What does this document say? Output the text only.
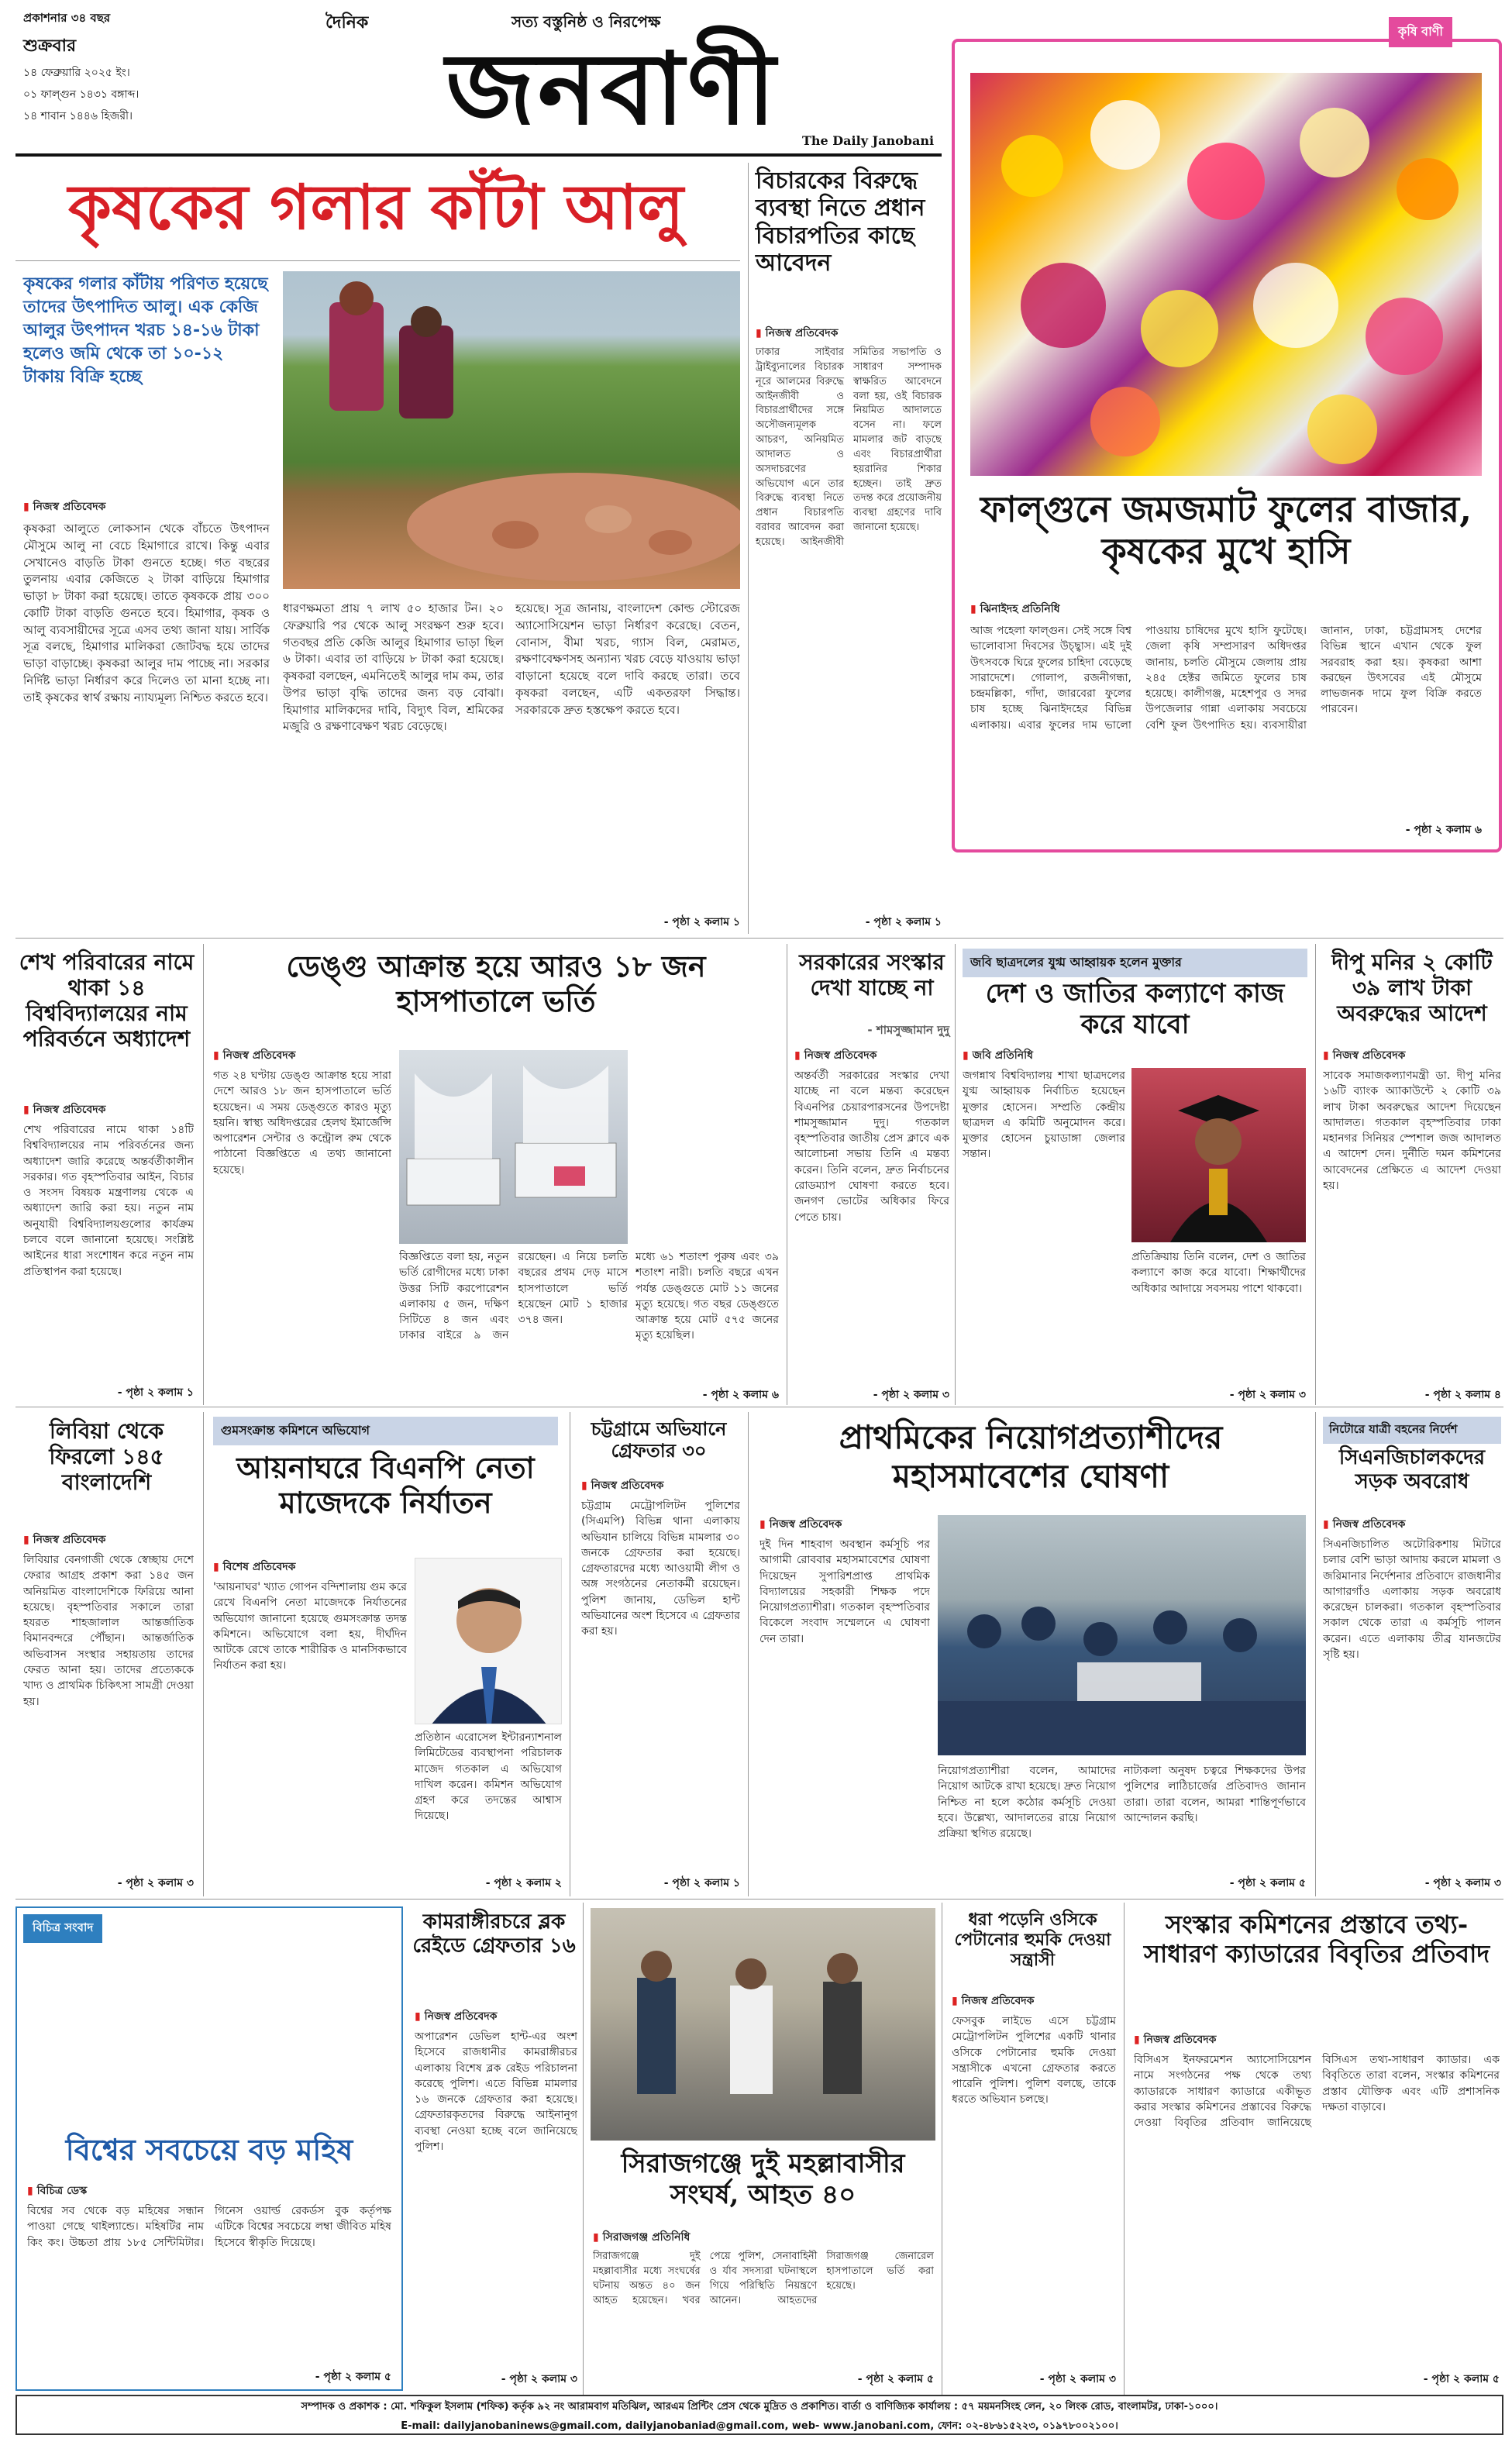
প্রকাশনার ৩৪ বছর
শুক্রবার
১৪ ফেব্রুয়ারি ২০২৫ ইং।
০১ ফাল্গুন ১৪৩১ বঙ্গাব্দ।
১৪ শাবান ১৪৪৬ হিজরী।
দৈনিক	সত্য বস্তুনিষ্ঠ ও নিরপেক্ষ
জনবাণী	The Daily Janobani
কৃষি বাণী
ফাল্গুনে জমজমাট ফুলের বাজার, কৃষকের মুখে হাসি
▮ ঝিনাইদহ প্রতিনিধি
আজ পহেলা ফাল্গুন। সেই সঙ্গে বিশ্ব ভালোবাসা দিবসের উচ্ছ্বাস। এই দুই উৎসবকে ঘিরে ফুলের চাহিদা বেড়েছে সারাদেশে। গোলাপ, রজনীগন্ধা, চন্দ্রমল্লিকা, গাঁদা, জারবেরা ফুলের চাষ হচ্ছে ঝিনাইদহের বিভিন্ন এলাকায়। এবার ফুলের দাম ভালো পাওয়ায় চাষিদের মুখে হাসি ফুটেছে। জেলা কৃষি সম্প্রসারণ অধিদপ্তর জানায়, চলতি মৌসুমে জেলায় প্রায় ২৪৫ হেক্টর জমিতে ফুলের চাষ হয়েছে। কালীগঞ্জ, মহেশপুর ও সদর উপজেলার গান্না এলাকায় সবচেয়ে বেশি ফুল উৎপাদিত হয়। ব্যবসায়ীরা জানান, ঢাকা, চট্টগ্রামসহ দেশের বিভিন্ন স্থানে এখান থেকে ফুল সরবরাহ করা হয়। কৃষকরা আশা করছেন উৎসবের এই মৌসুমে লাভজনক দামে ফুল বিক্রি করতে পারবেন।
- পৃষ্ঠা ২ কলাম ৬
কৃষকের গলার কাঁটা আলু
কৃষকের গলার কাঁটায় পরিণত হয়েছে তাদের উৎপাদিত আলু। এক কেজি আলুর উৎপাদন খরচ ১৪-১৬ টাকা হলেও জমি থেকে তা ১০-১২ টাকায় বিক্রি হচ্ছে
▮ নিজস্ব প্রতিবেদক
কৃষকরা আলুতে লোকসান থেকে বাঁচতে উৎপাদন মৌসুমে আলু না বেচে হিমাগারে রাখে। কিন্তু এবার সেখানেও বাড়তি টাকা গুনতে হচ্ছে। গত বছরের তুলনায় এবার কেজিতে ২ টাকা বাড়িয়ে হিমাগার ভাড়া ৮ টাকা করা হয়েছে। তাতে কৃষককে প্রায় ৩০০ কোটি টাকা বাড়তি গুনতে হবে। হিমাগার, কৃষক ও আলু ব্যবসায়ীদের সূত্রে এসব তথ্য জানা যায়। সার্বিক সূত্র বলছে, হিমাগার মালিকরা জোটবদ্ধ হয়ে তাদের ভাড়া বাড়াচ্ছে। কৃষকরা আলুর দাম পাচ্ছে না। সরকার নির্দিষ্ট ভাড়া নির্ধারণ করে দিলেও তা মানা হচ্ছে না। তাই কৃষকের স্বার্থ রক্ষায় ন্যায্যমূল্য নিশ্চিত করতে হবে।
ধারণক্ষমতা প্রায় ৭ লাখ ৫০ হাজার টন। ২০ ফেব্রুয়ারি পর থেকে আলু সংরক্ষণ শুরু হবে। গতবছর প্রতি কেজি আলুর হিমাগার ভাড়া ছিল ৬ টাকা। এবার তা বাড়িয়ে ৮ টাকা করা হয়েছে। কৃষকরা বলছেন, এমনিতেই আলুর দাম কম, তার উপর ভাড়া বৃদ্ধি তাদের জন্য বড় বোঝা। হিমাগার মালিকদের দাবি, বিদ্যুৎ বিল, শ্রমিকের মজুরি ও রক্ষণাবেক্ষণ খরচ বেড়েছে।
হয়েছে। সূত্র জানায়, বাংলাদেশ কোল্ড স্টোরেজ অ্যাসোসিয়েশন ভাড়া নির্ধারণ করেছে। বেতন, বোনাস, বীমা খরচ, গ্যাস বিল, মেরামত, রক্ষণাবেক্ষণসহ অন্যান্য খরচ বেড়ে যাওয়ায় ভাড়া বাড়ানো হয়েছে বলে দাবি করছে তারা। তবে কৃষকরা বলছেন, এটি একতরফা সিদ্ধান্ত। সরকারকে দ্রুত হস্তক্ষেপ করতে হবে।
- পৃষ্ঠা ২ কলাম ১
বিচারকের বিরুদ্ধে ব্যবস্থা নিতে প্রধান বিচারপতির কাছে আবেদন
▮ নিজস্ব প্রতিবেদক
ঢাকার সাইবার ট্রাইব্যুনালের বিচারক নূরে আলমের বিরুদ্ধে আইনজীবী ও বিচারপ্রার্থীদের সঙ্গে অসৌজন্যমূলক আচরণ, অনিয়মিত আদালত ও অসদাচরণের অভিযোগ এনে তার বিরুদ্ধে ব্যবস্থা নিতে প্রধান বিচারপতি বরাবর আবেদন করা হয়েছে। আইনজীবী সমিতির সভাপতি ও সাধারণ সম্পাদক স্বাক্ষরিত আবেদনে বলা হয়, ওই বিচারক নিয়মিত আদালতে বসেন না। ফলে মামলার জট বাড়ছে এবং বিচারপ্রার্থীরা হয়রানির শিকার হচ্ছেন। তাই দ্রুত তদন্ত করে প্রয়োজনীয় ব্যবস্থা গ্রহণের দাবি জানানো হয়েছে।
- পৃষ্ঠা ২ কলাম ১
শেখ পরিবারের নামে থাকা ১৪ বিশ্ববিদ্যালয়ের নাম পরিবর্তনে অধ্যাদেশ
▮ নিজস্ব প্রতিবেদক
শেখ পরিবারের নামে থাকা ১৪টি বিশ্ববিদ্যালয়ের নাম পরিবর্তনের জন্য অধ্যাদেশ জারি করেছে অন্তর্বর্তীকালীন সরকার। গত বৃহস্পতিবার আইন, বিচার ও সংসদ বিষয়ক মন্ত্রণালয় থেকে এ অধ্যাদেশ জারি করা হয়। নতুন নাম অনুযায়ী বিশ্ববিদ্যালয়গুলোর কার্যক্রম চলবে বলে জানানো হয়েছে। সংশ্লিষ্ট আইনের ধারা সংশোধন করে নতুন নাম প্রতিস্থাপন করা হয়েছে।
- পৃষ্ঠা ২ কলাম ১
ডেঙ্গু আক্রান্ত হয়ে আরও ১৮ জন হাসপাতালে ভর্তি
▮ নিজস্ব প্রতিবেদক
গত ২৪ ঘণ্টায় ডেঙ্গু আক্রান্ত হয়ে সারা দেশে আরও ১৮ জন হাসপাতালে ভর্তি হয়েছেন। এ সময় ডেঙ্গুতে কারও মৃত্যু হয়নি। স্বাস্থ্য অধিদপ্তরের হেলথ ইমার্জেন্সি অপারেশন সেন্টার ও কন্ট্রোল রুম থেকে পাঠানো বিজ্ঞপ্তিতে এ তথ্য জানানো হয়েছে।
বিজ্ঞপ্তিতে বলা হয়, নতুন ভর্তি রোগীদের মধ্যে ঢাকা উত্তর সিটি করপোরেশন এলাকায় ৫ জন, দক্ষিণ সিটিতে ৪ জন এবং ঢাকার বাইরে ৯ জন রয়েছেন। এ নিয়ে চলতি বছরের প্রথম দেড় মাসে হাসপাতালে ভর্তি হয়েছেন মোট ১ হাজার ৩৭৪ জন।
মধ্যে ৬১ শতাংশ পুরুষ এবং ৩৯ শতাংশ নারী। চলতি বছরে এখন পর্যন্ত ডেঙ্গুতে মোট ১১ জনের মৃত্যু হয়েছে। গত বছর ডেঙ্গুতে আক্রান্ত হয়ে মোট ৫৭৫ জনের মৃত্যু হয়েছিল।
- পৃষ্ঠা ২ কলাম ৬
সরকারের সংস্কার দেখা যাচ্ছে না
- শামসুজ্জামান দুদু
▮ নিজস্ব প্রতিবেদক
অন্তর্বর্তী সরকারের সংস্কার দেখা যাচ্ছে না বলে মন্তব্য করেছেন বিএনপির চেয়ারপারসনের উপদেষ্টা শামসুজ্জামান দুদু। গতকাল বৃহস্পতিবার জাতীয় প্রেস ক্লাবে এক আলোচনা সভায় তিনি এ মন্তব্য করেন। তিনি বলেন, দ্রুত নির্বাচনের রোডম্যাপ ঘোষণা করতে হবে। জনগণ ভোটের অধিকার ফিরে পেতে চায়।
- পৃষ্ঠা ২ কলাম ৩
জবি ছাত্রদলের যুগ্ম আহ্বায়ক হলেন মুক্তার
দেশ ও জাতির কল্যাণে কাজ করে যাবো
▮ জবি প্রতিনিধি
জগন্নাথ বিশ্ববিদ্যালয় শাখা ছাত্রদলের যুগ্ম আহ্বায়ক নির্বাচিত হয়েছেন মুক্তার হোসেন। সম্প্রতি কেন্দ্রীয় ছাত্রদল এ কমিটি অনুমোদন করে। মুক্তার হোসেন চুয়াডাঙ্গা জেলার সন্তান।
প্রতিক্রিয়ায় তিনি বলেন, দেশ ও জাতির কল্যাণে কাজ করে যাবো। শিক্ষার্থীদের অধিকার আদায়ে সবসময় পাশে থাকবো।
- পৃষ্ঠা ২ কলাম ৩
দীপু মনির ২ কোটি ৩৯ লাখ টাকা অবরুদ্ধের আদেশ
▮ নিজস্ব প্রতিবেদক
সাবেক সমাজকল্যাণমন্ত্রী ডা. দীপু মনির ১৬টি ব্যাংক অ্যাকাউন্টে ২ কোটি ৩৯ লাখ টাকা অবরুদ্ধের আদেশ দিয়েছেন আদালত। গতকাল বৃহস্পতিবার ঢাকা মহানগর সিনিয়র স্পেশাল জজ আদালত এ আদেশ দেন। দুর্নীতি দমন কমিশনের আবেদনের প্রেক্ষিতে এ আদেশ দেওয়া হয়।
- পৃষ্ঠা ২ কলাম ৪
লিবিয়া থেকে ফিরলো ১৪৫ বাংলাদেশি
▮ নিজস্ব প্রতিবেদক
লিবিয়ার বেনগাজী থেকে স্বেচ্ছায় দেশে ফেরার আগ্রহ প্রকাশ করা ১৪৫ জন অনিয়মিত বাংলাদেশিকে ফিরিয়ে আনা হয়েছে। বৃহস্পতিবার সকালে তারা হযরত শাহজালাল আন্তর্জাতিক বিমানবন্দরে পৌঁছান। আন্তর্জাতিক অভিবাসন সংস্থার সহায়তায় তাদের ফেরত আনা হয়। তাদের প্রত্যেককে খাদ্য ও প্রাথমিক চিকিৎসা সামগ্রী দেওয়া হয়।
- পৃষ্ঠা ২ কলাম ৩
গুমসংক্রান্ত কমিশনে অভিযোগ
আয়নাঘরে বিএনপি নেতা মাজেদকে নির্যাতন
▮ বিশেষ প্রতিবেদক
'আয়নাঘর' খ্যাত গোপন বন্দিশালায় গুম করে রেখে বিএনপি নেতা মাজেদকে নির্যাতনের অভিযোগ জানানো হয়েছে গুমসংক্রান্ত তদন্ত কমিশনে। অভিযোগে বলা হয়, দীর্ঘদিন আটকে রেখে তাকে শারীরিক ও মানসিকভাবে নির্যাতন করা হয়।
প্রতিষ্ঠান এরোসেল ইন্টারন্যাশনাল লিমিটেডের ব্যবস্থাপনা পরিচালক মাজেদ গতকাল এ অভিযোগ দাখিল করেন। কমিশন অভিযোগ গ্রহণ করে তদন্তের আশ্বাস দিয়েছে।
- পৃষ্ঠা ২ কলাম ২
চট্টগ্রামে অভিযানে গ্রেফতার ৩০
▮ নিজস্ব প্রতিবেদক
চট্টগ্রাম মেট্রোপলিটন পুলিশের (সিএমপি) বিভিন্ন থানা এলাকায় অভিযান চালিয়ে বিভিন্ন মামলার ৩০ জনকে গ্রেফতার করা হয়েছে। গ্রেফতারদের মধ্যে আওয়ামী লীগ ও অঙ্গ সংগঠনের নেতাকর্মী রয়েছেন। পুলিশ জানায়, ডেভিল হান্ট অভিযানের অংশ হিসেবে এ গ্রেফতার করা হয়।
- পৃষ্ঠা ২ কলাম ১
প্রাথমিকের নিয়োগপ্রত্যাশীদের মহাসমাবেশের ঘোষণা
▮ নিজস্ব প্রতিবেদক
দুই দিন শাহবাগ অবস্থান কর্মসূচি পর আগামী রোববার মহাসমাবেশের ঘোষণা দিয়েছেন সুপারিশপ্রাপ্ত প্রাথমিক বিদ্যালয়ের সহকারী শিক্ষক পদে নিয়োগপ্রত্যাশীরা। গতকাল বৃহস্পতিবার বিকেলে সংবাদ সম্মেলনে এ ঘোষণা দেন তারা।
নিয়োগপ্রত্যাশীরা বলেন, আমাদের নিয়োগ আটকে রাখা হয়েছে। দ্রুত নিয়োগ নিশ্চিত না হলে কঠোর কর্মসূচি দেওয়া হবে। উল্লেখ্য, আদালতের রায়ে নিয়োগ প্রক্রিয়া স্থগিত রয়েছে।
নাট্যকলা অনুষদ চত্বরে শিক্ষকদের উপর পুলিশের লাঠিচার্জের প্রতিবাদও জানান তারা। তারা বলেন, আমরা শান্তিপূর্ণভাবে আন্দোলন করছি।
- পৃষ্ঠা ২ কলাম ৫
নিটোরে যাত্রী বহনের নির্দেশ
সিএনজিচালকদের সড়ক অবরোধ
▮ নিজস্ব প্রতিবেদক
সিএনজিচালিত অটোরিকশায় মিটারে চলার বেশি ভাড়া আদায় করলে মামলা ও জরিমানার নির্দেশনার প্রতিবাদে রাজধানীর আগারগাঁও এলাকায় সড়ক অবরোধ করেছেন চালকরা। গতকাল বৃহস্পতিবার সকাল থেকে তারা এ কর্মসূচি পালন করেন। এতে এলাকায় তীব্র যানজটের সৃষ্টি হয়।
- পৃষ্ঠা ২ কলাম ৩
বিচিত্র সংবাদ
বিশ্বের সবচেয়ে বড় মহিষ
▮ বিচিত্র ডেস্ক
বিশ্বের সব থেকে বড় মহিষের সন্ধান পাওয়া গেছে থাইল্যান্ডে। মহিষটির নাম কিং কং। উচ্চতা প্রায় ১৮৫ সেন্টিমিটার। গিনেস ওয়ার্ল্ড রেকর্ডস বুক কর্তৃপক্ষ এটিকে বিশ্বের সবচেয়ে লম্বা জীবিত মহিষ হিসেবে স্বীকৃতি দিয়েছে।
- পৃষ্ঠা ২ কলাম ৫
কামরাঙ্গীরচরে ব্লক রেইডে গ্রেফতার ১৬
▮ নিজস্ব প্রতিবেদক
অপারেশন ডেভিল হান্ট-এর অংশ হিসেবে রাজধানীর কামরাঙ্গীরচর এলাকায় বিশেষ ব্লক রেইড পরিচালনা করেছে পুলিশ। এতে বিভিন্ন মামলার ১৬ জনকে গ্রেফতার করা হয়েছে। গ্রেফতারকৃতদের বিরুদ্ধে আইনানুগ ব্যবস্থা নেওয়া হচ্ছে বলে জানিয়েছে পুলিশ।
- পৃষ্ঠা ২ কলাম ৩
সিরাজগঞ্জে দুই মহল্লাবাসীর সংঘর্ষ, আহত ৪০
▮ সিরাজগঞ্জ প্রতিনিধি
সিরাজগঞ্জে দুই মহল্লাবাসীর মধ্যে সংঘর্ষের ঘটনায় অন্তত ৪০ জন আহত হয়েছেন। খবর পেয়ে পুলিশ, সেনাবাহিনী ও র্যাব সদস্যরা ঘটনাস্থলে গিয়ে পরিস্থিতি নিয়ন্ত্রণে আনেন। আহতদের সিরাজগঞ্জ জেনারেল হাসপাতালে ভর্তি করা হয়েছে।
- পৃষ্ঠা ২ কলাম ৫
ধরা পড়েনি ওসিকে পেটানোর হুমকি দেওয়া সন্ত্রাসী
▮ নিজস্ব প্রতিবেদক
ফেসবুক লাইভে এসে চট্টগ্রাম মেট্রোপলিটন পুলিশের একটি থানার ওসিকে পেটানোর হুমকি দেওয়া সন্ত্রাসীকে এখনো গ্রেফতার করতে পারেনি পুলিশ। পুলিশ বলছে, তাকে ধরতে অভিযান চলছে।
- পৃষ্ঠা ২ কলাম ৩
সংস্কার কমিশনের প্রস্তাবে তথ্য-সাধারণ ক্যাডারের বিবৃতির প্রতিবাদ
▮ নিজস্ব প্রতিবেদক
বিসিএস ইনফরমেশন অ্যাসোসিয়েশন নামে সংগঠনের পক্ষ থেকে তথ্য ক্যাডারকে সাধারণ ক্যাডারে একীভূত করার সংস্কার কমিশনের প্রস্তাবের বিরুদ্ধে দেওয়া বিবৃতির প্রতিবাদ জানিয়েছে বিসিএস তথ্য-সাধারণ ক্যাডার। এক বিবৃতিতে তারা বলেন, সংস্কার কমিশনের প্রস্তাব যৌক্তিক এবং এটি প্রশাসনিক দক্ষতা বাড়াবে।
- পৃষ্ঠা ২ কলাম ৫
সম্পাদক ও প্রকাশক : মো. শফিকুল ইসলাম (শফিক) কর্তৃক ৯২ নং আরামবাগ মতিঝিল, আরএম প্রিন্টিং প্রেস থেকে মুদ্রিত ও প্রকাশিত। বার্তা ও বাণিজ্যিক কার্যালয় : ৫৭ ময়মনসিংহ লেন, ২০ লিংক রোড, বাংলামটর, ঢাকা-১০০০।
E-mail: dailyjanobaninews@gmail.com, dailyjanobaniad@gmail.com, web- www.janobani.com, ফোন: ০২-৪৮৬১৫২২৩, ০১৯৭৮০০২১০০।
